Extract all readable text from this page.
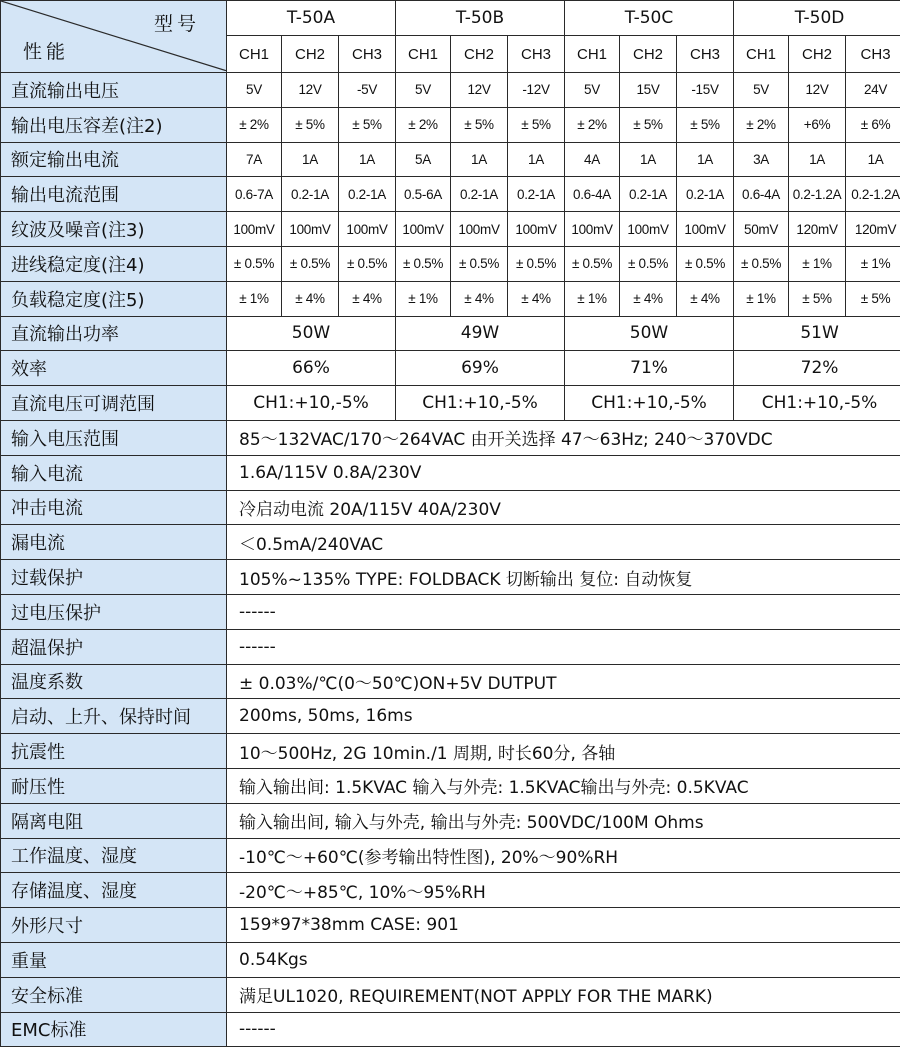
型号
性能	T-50A			T-50B			T-50C			T-50D		
	CH1	CH2	CH3	CH1	CH2	CH3	CH1	CH2	CH3	CH1	CH2	CH3
直流输出电压	5V	12V	-5V	5V	12V	-12V	5V	15V	-15V	5V	12V	24V
输出电压容差(注2)	± 2%	± 5%	± 5%	± 2%	± 5%	± 5%	± 2%	± 5%	± 5%	± 2%	+6%	± 6%
额定输出电流	7A	1A	1A	5A	1A	1A	4A	1A	1A	3A	1A	1A
输出电流范围	0.6-7A	0.2-1A	0.2-1A	0.5-6A	0.2-1A	0.2-1A	0.6-4A	0.2-1A	0.2-1A	0.6-4A	0.2-1.2A	0.2-1.2A
纹波及噪音(注3)	100mV	100mV	100mV	100mV	100mV	100mV	100mV	100mV	100mV	50mV	120mV	120mV
进线稳定度(注4)	± 0.5%	± 0.5%	± 0.5%	± 0.5%	± 0.5%	± 0.5%	± 0.5%	± 0.5%	± 0.5%	± 0.5%	± 1%	± 1%
负载稳定度(注5)	± 1%	± 4%	± 4%	± 1%	± 4%	± 4%	± 1%	± 4%	± 4%	± 1%	± 5%	± 5%
直流输出功率	50W			49W			50W			51W		
效率	66%			69%			71%			72%		
直流电压可调范围	CH1:+10,-5%			CH1:+10,-5%			CH1:+10,-5%			CH1:+10,-5%		
输入电压范围	85～132VAC/170～264VAC 由开关选择 47～63Hz; 240～370VDC											
输入电流	1.6A/115V 0.8A/230V											
冲击电流	冷启动电流 20A/115V 40A/230V											
漏电流	＜0.5mA/240VAC											
过载保护	105%~135% TYPE: FOLDBACK 切断输出 复位: 自动恢复											
过电压保护	------											
超温保护	------											
温度系数	± 0.03%/℃(0～50℃)ON+5V DUTPUT											
启动、上升、保持时间	200ms, 50ms, 16ms											
抗震性	10～500Hz, 2G 10min./1 周期, 时长60分, 各轴											
耐压性	输入输出间: 1.5KVAC 输入与外壳: 1.5KVAC输出与外壳: 0.5KVAC											
隔离电阻	输入输出间, 输入与外壳, 输出与外壳: 500VDC/100M Ohms											
工作温度、湿度	-10℃～+60℃(参考输出特性图), 20%～90%RH											
存储温度、湿度	-20℃～+85℃, 10%～95%RH											
外形尺寸	159*97*38mm CASE: 901											
重量	0.54Kgs											
安全标准	满足UL1020, REQUIREMENT(NOT APPLY FOR THE MARK)											
EMC标准	------											
